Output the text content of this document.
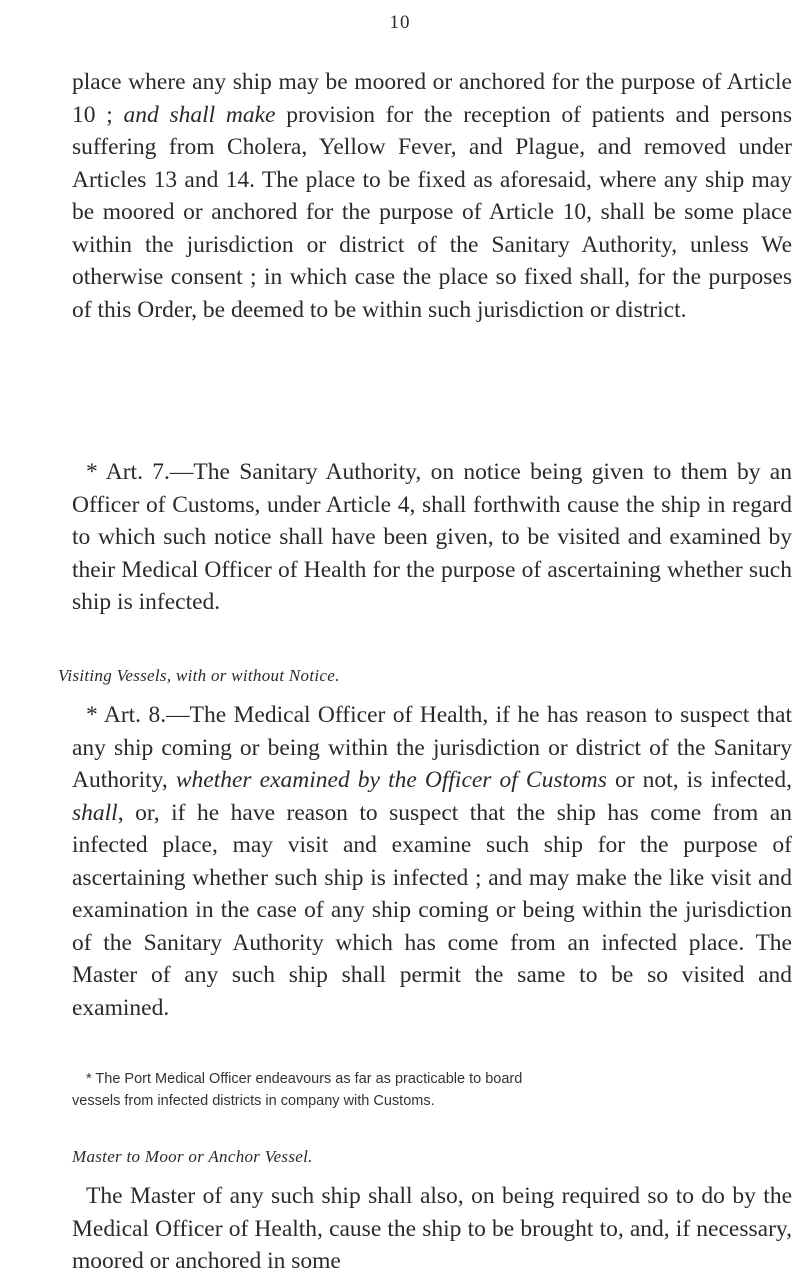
10

place where any ship may be moored or anchored for the purpose of Article 10 ; and shall make provision for the reception of patients and persons suffering from Cholera, Yellow Fever, and Plague, and removed under Articles 13 and 14. The place to be fixed as aforesaid, where any ship may be moored or anchored for the purpose of Article 10, shall be some place within the jurisdiction or district of the Sanitary Authority, unless We otherwise consent ; in which case the place so fixed shall, for the purposes of this Order, be deemed to be within such jurisdiction or district.

* Art. 7.—The Sanitary Authority, on notice being given to them by an Officer of Customs, under Article 4, shall forthwith cause the ship in regard to which such notice shall have been given, to be visited and examined by their Medical Officer of Health for the purpose of ascertaining whether such ship is infected.

Visiting Vessels, with or without Notice.

* Art. 8.—The Medical Officer of Health, if he has reason to suspect that any ship coming or being within the jurisdiction or district of the Sanitary Authority, whether examined by the Officer of Customs or not, is infected, shall, or, if he have reason to suspect that the ship has come from an infected place, may visit and examine such ship for the purpose of ascertaining whether such ship is infected ; and may make the like visit and examination in the case of any ship coming or being within the jurisdiction of the Sanitary Authority which has come from an infected place. The Master of any such ship shall permit the same to be so visited and examined.

* The Port Medical Officer endeavours as far as practicable to board
vessels from infected districts in company with Customs.
Master to Moor or Anchor Vessel.

The Master of any such ship shall also, on being required so to do by the Medical Officer of Health, cause the ship to be brought to, and, if necessary, moored or anchored in some
